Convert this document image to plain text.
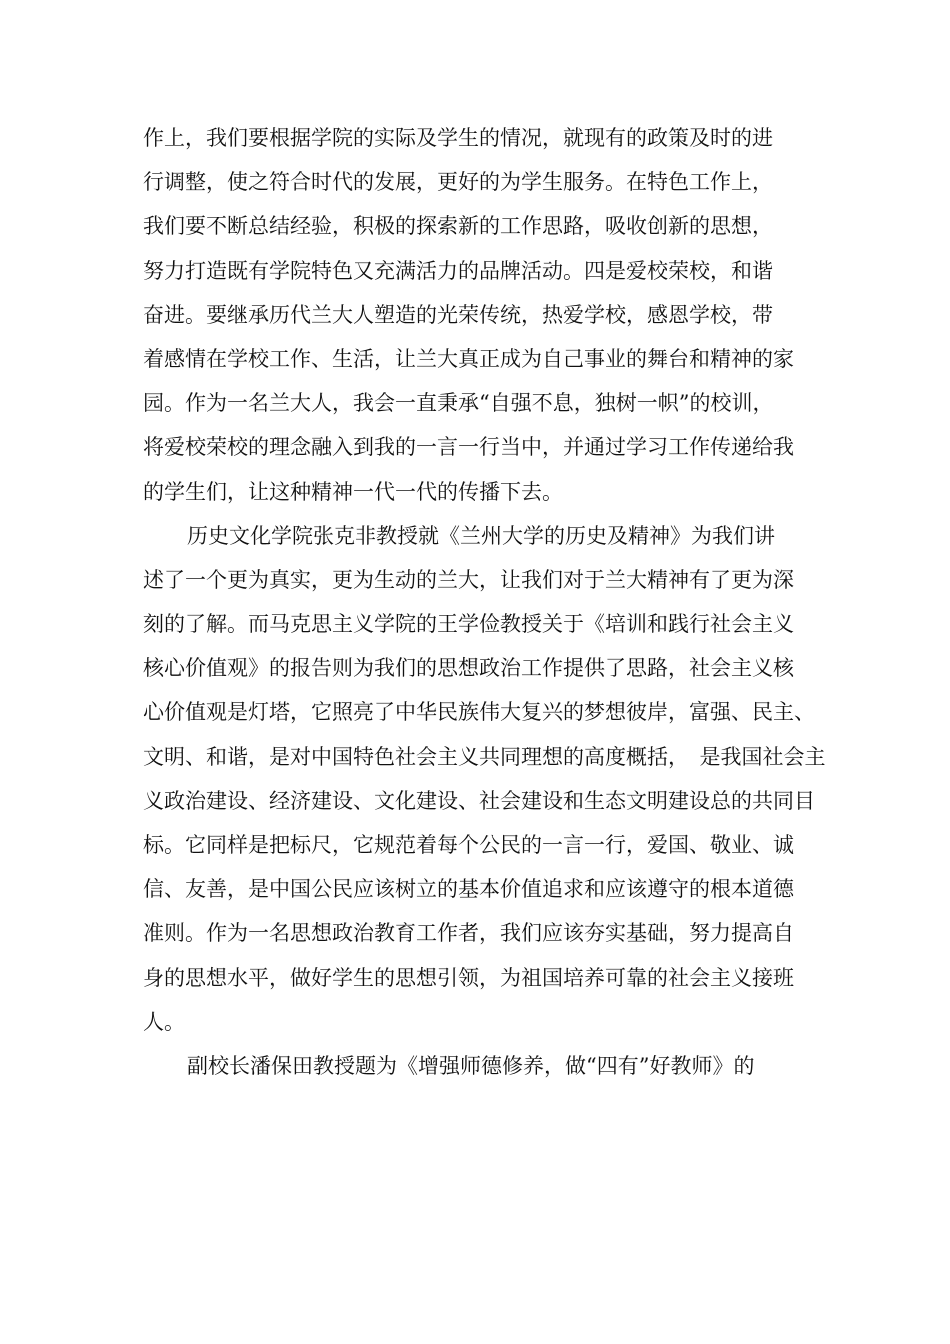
作上，我们要根据学院的实际及学生的情况，就现有的政策及时的进
行调整，使之符合时代的发展，更好的为学生服务。在特色工作上，
我们要不断总结经验，积极的探索新的工作思路，吸收创新的思想，
努力打造既有学院特色又充满活力的品牌活动。四是爱校荣校，和谐
奋进。要继承历代兰大人塑造的光荣传统，热爱学校，感恩学校，带
着感情在学校工作、生活，让兰大真正成为自己事业的舞台和精神的家
园。作为一名兰大人，我会一直秉承“自强不息，独树一帜”的校训，
将爱校荣校的理念融入到我的一言一行当中，并通过学习工作传递给我
的学生们，让这种精神一代一代的传播下去。
历史文化学院张克非教授就《兰州大学的历史及精神》为我们讲
述了一个更为真实，更为生动的兰大，让我们对于兰大精神有了更为深
刻的了解。而马克思主义学院的王学俭教授关于《培训和践行社会主义
核心价值观》的报告则为我们的思想政治工作提供了思路，社会主义核
心价值观是灯塔，它照亮了中华民族伟大复兴的梦想彼岸，富强、民主、
文明、和谐，是对中国特色社会主义共同理想的高度概括，　是我国社会主
义政治建设、经济建设、文化建设、社会建设和生态文明建设总的共同目
标。它同样是把标尺，它规范着每个公民的一言一行，爱国、敬业、诚
信、友善，是中国公民应该树立的基本价值追求和应该遵守的根本道德
准则。作为一名思想政治教育工作者，我们应该夯实基础，努力提高自
身的思想水平，做好学生的思想引领，为祖国培养可靠的社会主义接班
人。
副校长潘保田教授题为《增强师德修养，做“四有”好教师》的
